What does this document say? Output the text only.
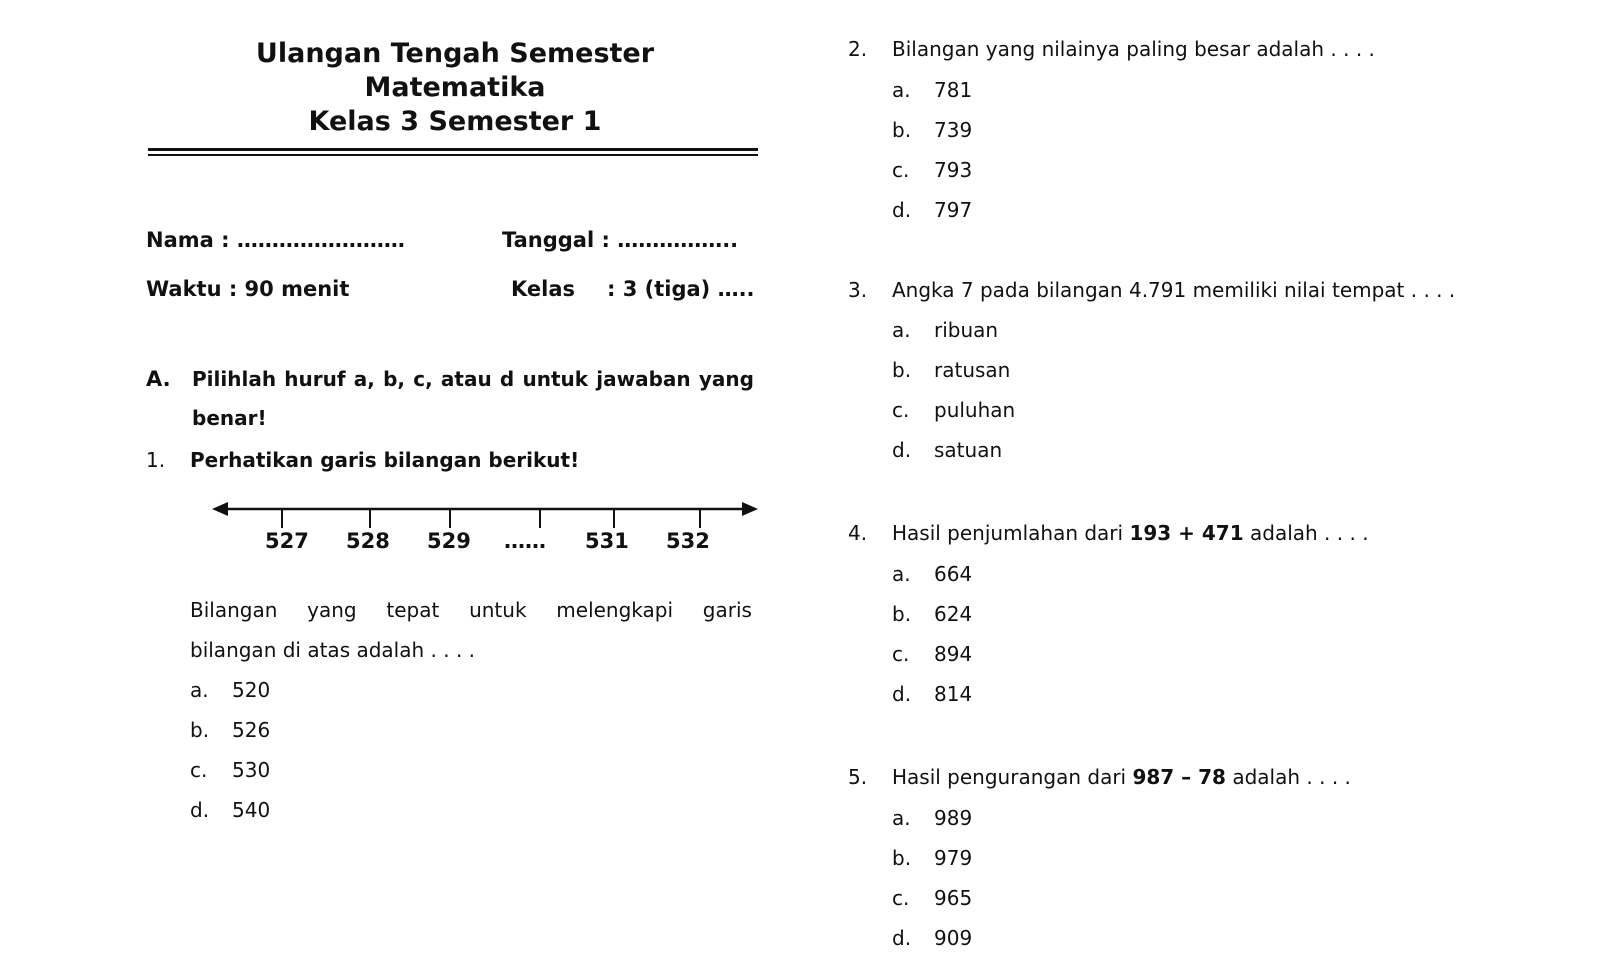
Ulangan Tengah Semester
Matematika
Kelas 3 Semester 1
Nama : ……………………	Tanggal : ……………..
Waktu : 90 menit	Kelas : 3 (tiga) …..
A. Pilihlah huruf a, b, c, atau d untuk jawaban yang
benar!
1. Perhatikan garis bilangan berikut!
527 528 529 …… 531 532
Bilangan yang tepat untuk melengkapi garis
bilangan di atas adalah . . . .
a. 520
b. 526
c. 530
d. 540
2. Bilangan yang nilainya paling besar adalah . . . .
a. 781
b. 739
c. 793
d. 797
3. Angka 7 pada bilangan 4.791 memiliki nilai tempat . . . .
a. ribuan
b. ratusan
c. puluhan
d. satuan
4. Hasil penjumlahan dari 193 + 471 adalah . . . .
a. 664
b. 624
c. 894
d. 814
5. Hasil pengurangan dari 987 – 78 adalah . . . .
a. 989
b. 979
c. 965
d. 909
